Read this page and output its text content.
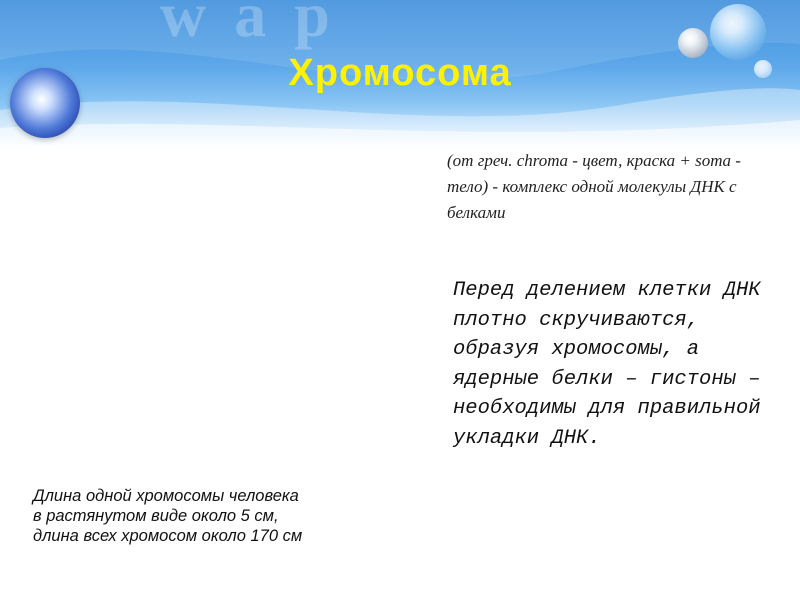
w a p
Хромосома

(от греч. chroma - цвет, краска + soma - тело) - комплекс одной молекулы ДНК с белками

Перед делением клетки ДНК плотно скручиваются, образуя хромосомы, а ядерные белки – гистоны – необходимы для правильной укладки ДНК.

Длина одной хромосомы человека
в растянутом виде около 5 см,
длина всех хромосом около 170 см
